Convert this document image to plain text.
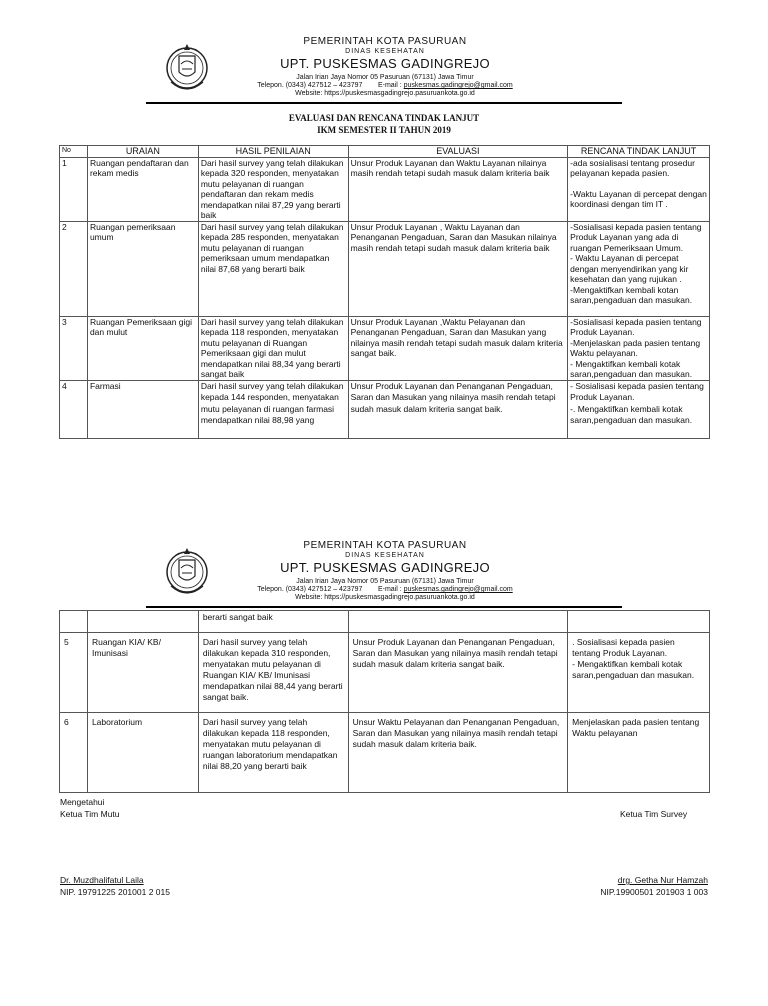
PEMERINTAH KOTA PASURUAN
DINAS KESEHATAN
UPT. PUSKESMAS GADINGREJO
Jalan Irian Jaya Nomor 05 Pasuruan (67131) Jawa Timur
Telepon. (0343) 427512 – 423797 E-mail : puskesmas.gadingrejo@gmail.com
Website: https://puskesmasgadingrejo.pasuruankota.go.id
EVALUASI DAN RENCANA TINDAK LANJUT
IKM SEMESTER II TAHUN 2019
No	URAIAN	HASIL PENILAIAN	EVALUASI	RENCANA TINDAK LANJUT
1	Ruangan pendaftaran dan rekam medis	Dari hasil survey yang telah dilakukan kepada 320 responden, menyatakan mutu pelayanan di ruangan pendaftaran dan rekam medis mendapatkan nilai 87,29 yang berarti baik	Unsur Produk Layanan dan Waktu Layanan nilainya masih rendah tetapi sudah masuk dalam kriteria baik	-ada sosialisasi tentang prosedur pelayanan kepada pasien.
-Waktu Layanan di percepat dengan koordinasi dengan tim IT .

2	Ruangan pemeriksaan umum	Dari hasil survey yang telah dilakukan kepada 285 responden, menyatakan mutu pelayanan di ruangan pemeriksaan umum mendapatkan nilai 87,68 yang berarti baik	Unsur Produk Layanan , Waktu Layanan dan Penanganan Pengaduan, Saran dan Masukan nilainya masih rendah tetapi sudah masuk dalam kriteria baik	-Sosialisasi kepada pasien tentang Produk Layanan yang ada di ruangan Pemeriksaan Umum.
- Waktu Layanan di percepat dengan menyendirikan yang kir kesehatan dan yang rujukan .
-Mengaktifkan kembali kotan saran,pengaduan dan masukan.

3	Ruangan Pemeriksaan gigi dan mulut	Dari hasil survey yang telah dilakukan kepada 118 responden, menyatakan mutu pelayanan di Ruangan Pemeriksaan gigi dan mulut mendapatkan nilai 88,34 yang berarti sangat baik	Unsur Produk Layanan ,Waktu Pelayanan dan Penanganan Pengaduan, Saran dan Masukan yang nilainya masih rendah tetapi sudah masuk dalam kriteria sangat baik.	-Sosialisasi kepada pasien tentang Produk Layanan.
-Menjelaskan pada pasien tentang Waktu pelayanan.
- Mengaktifkan kembali kotak saran,pengaduan dan masukan.

4	Farmasi	Dari hasil survey yang telah dilakukan kepada 144 responden, menyatakan mutu pelayanan di ruangan farmasi mendapatkan nilai 88,98 yang	Unsur Produk Layanan dan Penanganan Pengaduan, Saran dan Masukan yang nilainya masih rendah tetapi sudah masuk dalam kriteria sangat baik.	- Sosialisasi kepada pasien tentang Produk Layanan.
-. Mengaktifkan kembali kotak saran,pengaduan dan masukan.
PEMERINTAH KOTA PASURUAN
DINAS KESEHATAN
UPT. PUSKESMAS GADINGREJO
Jalan Irian Jaya Nomor 05 Pasuruan (67131) Jawa Timur
Telepon. (0343) 427512 – 423797 E-mail : puskesmas.gadingrejo@gmail.com
Website: https://puskesmasgadingrejo.pasuruankota.go.id
		berarti sangat baik		
5	Ruangan KIA/ KB/ Imunisasi	Dari hasil survey yang telah dilakukan kepada 310 responden, menyatakan mutu pelayanan di Ruangan KIA/ KB/ Imunisasi mendapatkan nilai 88,44 yang berarti sangat baik.	Unsur Produk Layanan dan Penanganan Pengaduan, Saran dan Masukan yang nilainya masih rendah tetapi sudah masuk dalam kriteria sangat baik.	. Sosialisasi kepada pasien tentang Produk Layanan.
- Mengaktifkan kembali kotak saran,pengaduan dan masukan.

6	Laboratorium	Dari hasil survey yang telah dilakukan kepada 118 responden, menyatakan mutu pelayanan di ruangan laboratorium mendapatkan nilai 88,20 yang berarti baik	Unsur Waktu Pelayanan dan Penanganan Pengaduan, Saran dan Masukan yang nilainya masih rendah tetapi sudah masuk dalam kriteria baik.	Menjelaskan pada pasien tentang Waktu pelayanan
Mengetahui
Ketua Tim Mutu	Ketua Tim Survey
Dr. Muzdhalifatul Laila
NIP. 19791225 201001 2 015
drg. Getha Nur Hamzah
NIP.19900501 201903 1 003
